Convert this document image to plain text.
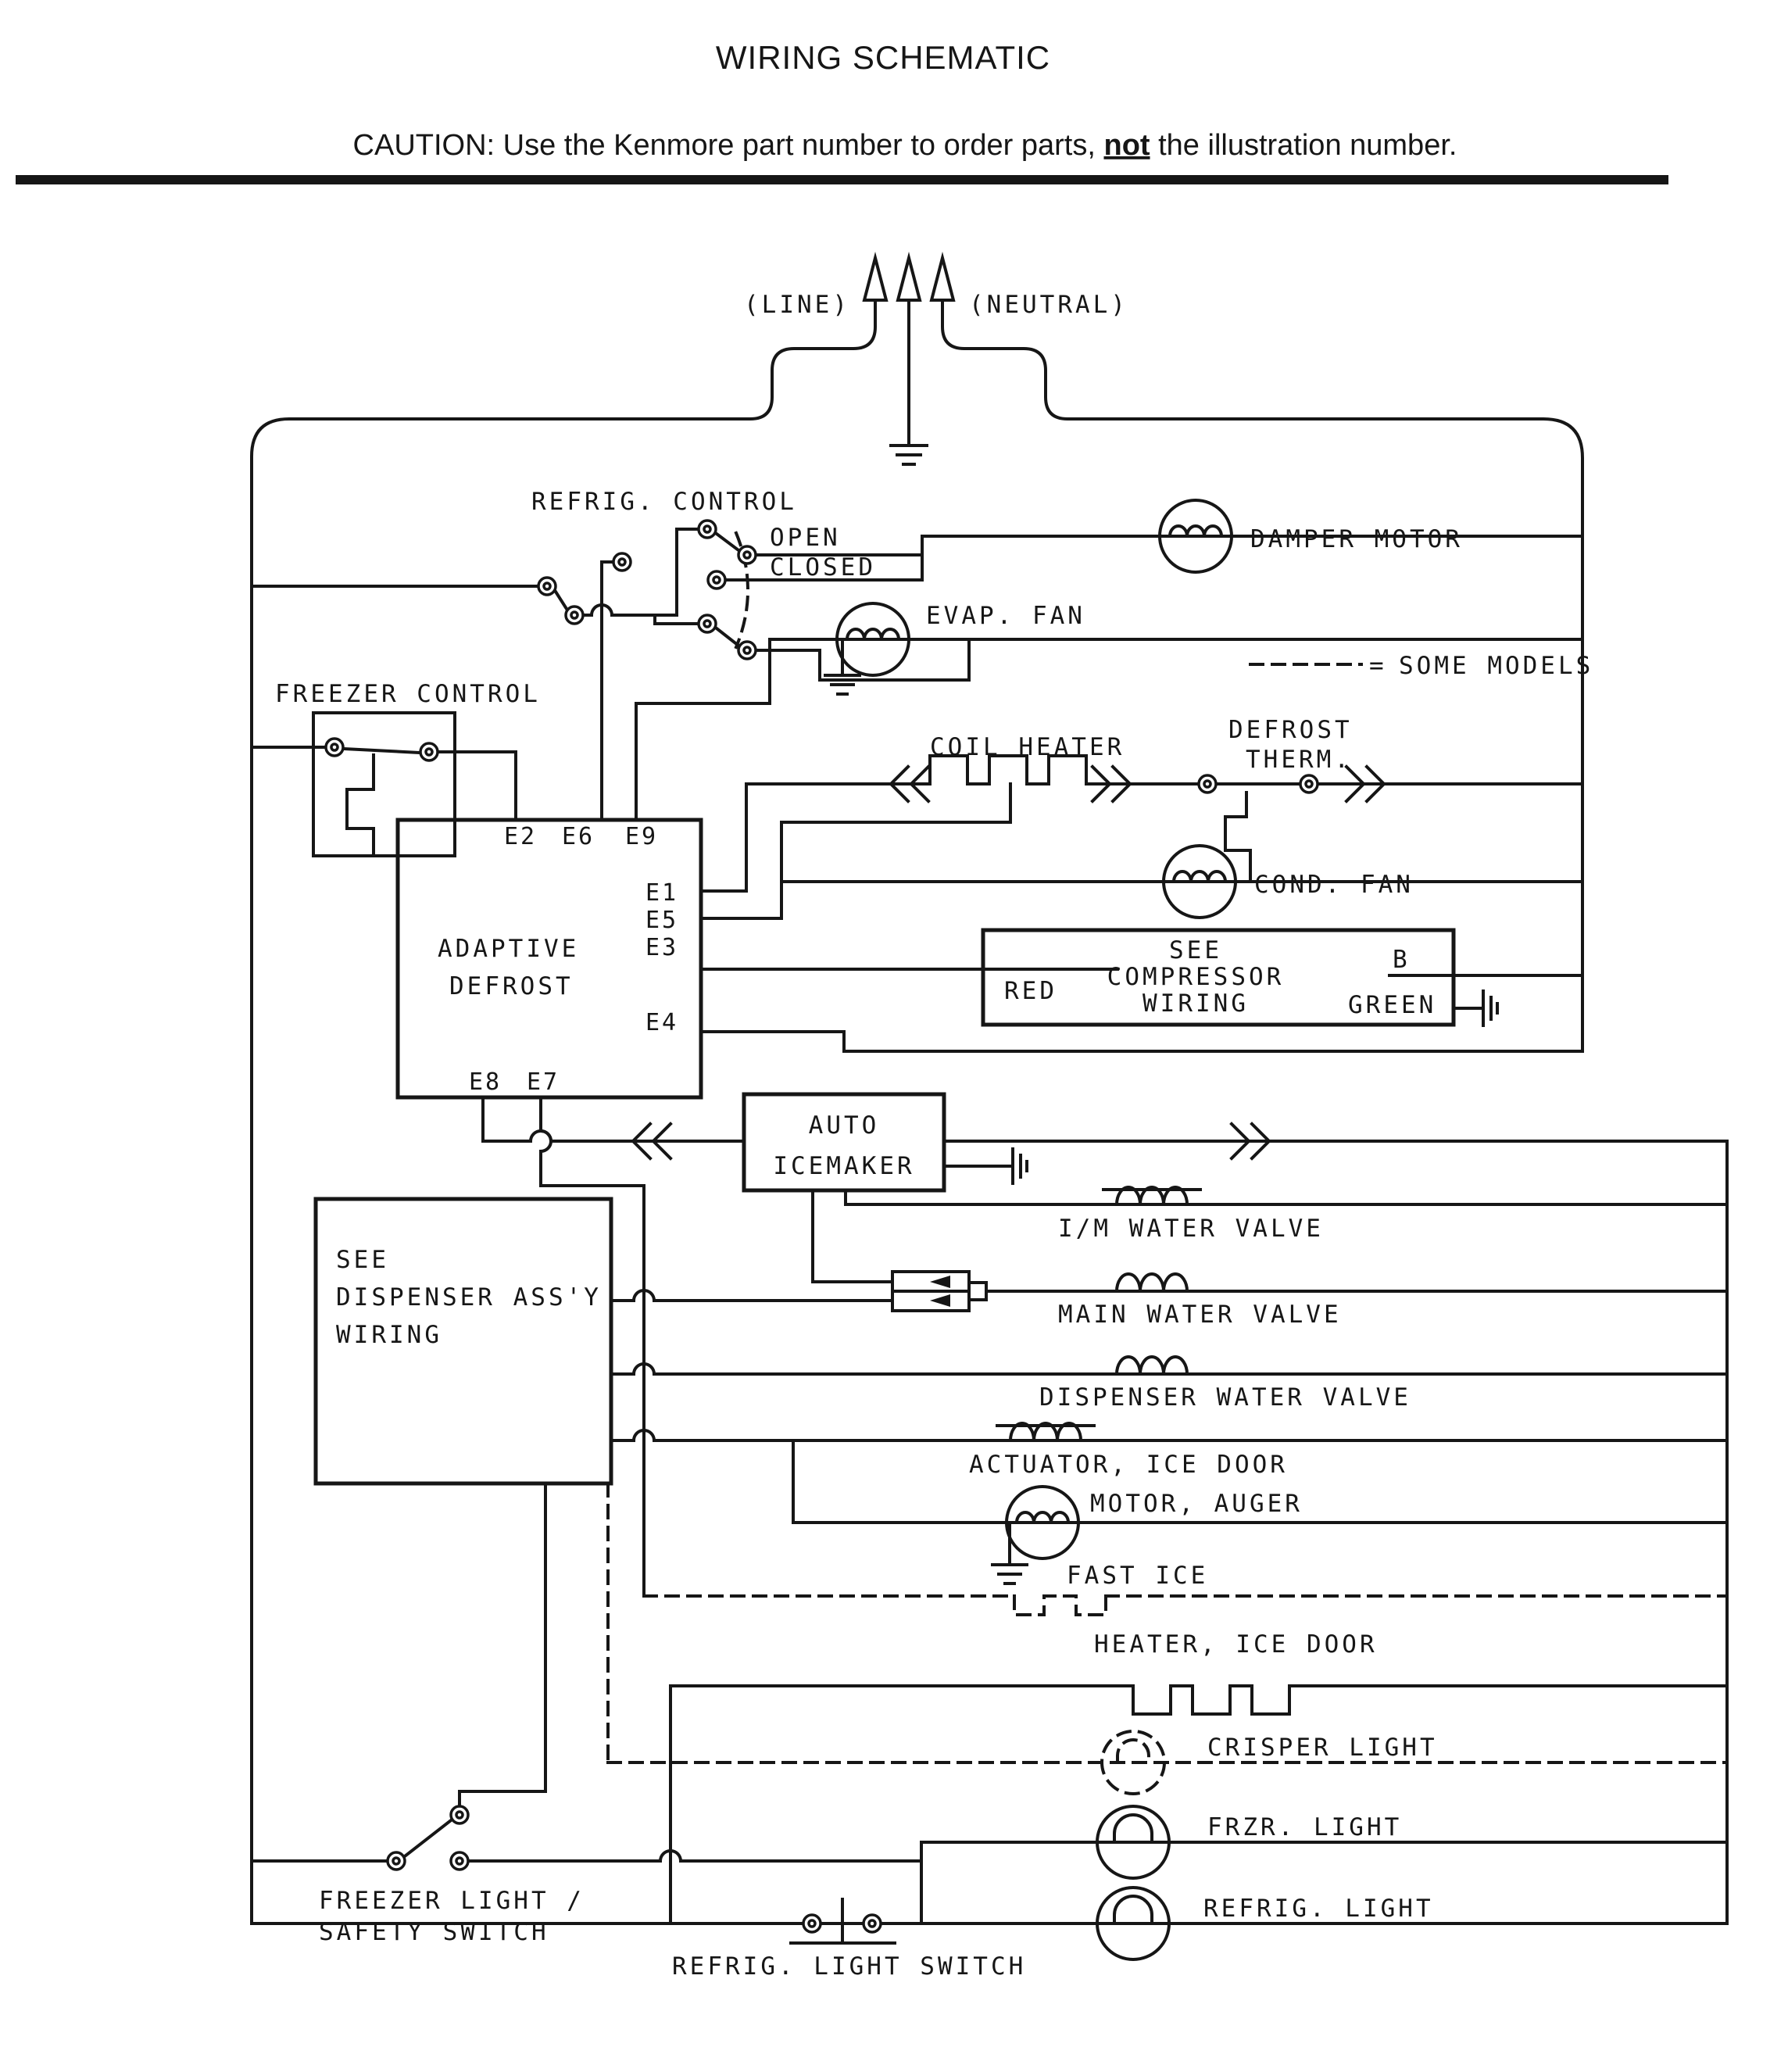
WIRING SCHEMATIC
CAUTION: Use the Kenmore part number to order parts, not the illustration number.
(LINE)	(NEUTRAL)
REFRIG. CONTROL
OPEN
CLOSED
DAMPER MOTOR
EVAP. FAN
= SOME MODELS
FREEZER CONTROL
COIL HEATER
DEFROST
THERM.
COND. FAN
ADAPTIVE
DEFROST
E2 E6 E9
E1
E5
E3
E4
E8 E7
SEE
COMPRESSOR
WIRING
RED
B
GREEN
AUTO
ICEMAKER
I/M WATER VALVE
MAIN WATER VALVE
DISPENSER WATER VALVE
SEE
DISPENSER ASS'Y
WIRING
ACTUATOR, ICE DOOR
MOTOR, AUGER
FAST ICE
HEATER, ICE DOOR
CRISPER LIGHT
FRZR. LIGHT
REFRIG. LIGHT
FREEZER LIGHT /
SAFETY SWITCH
REFRIG. LIGHT SWITCH
